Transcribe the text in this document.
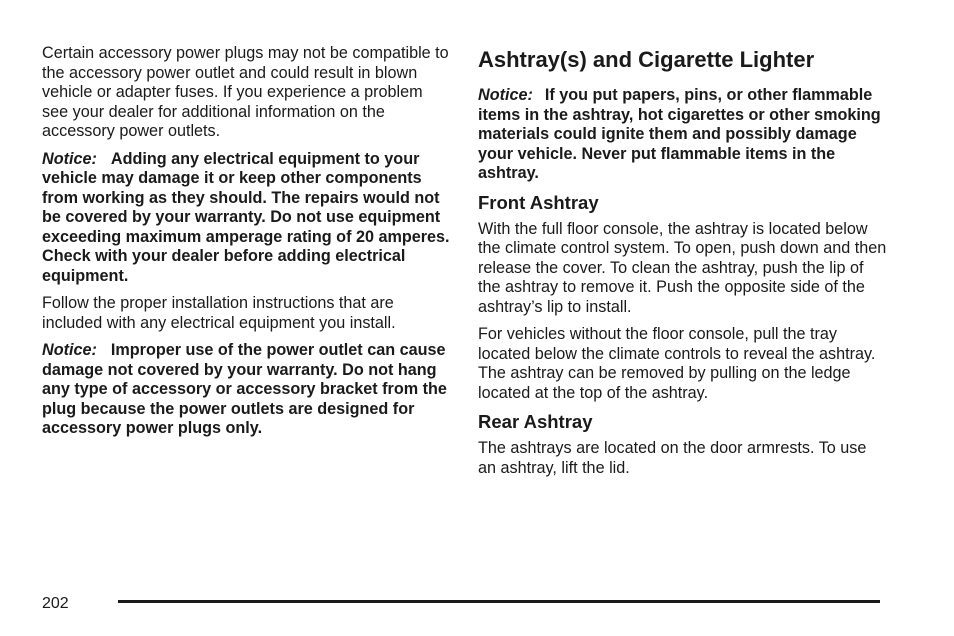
Certain accessory power plugs may not be compatible to the accessory power outlet and could result in blown vehicle or adapter fuses. If you experience a problem see your dealer for additional information on the accessory power outlets.

Notice: Adding any electrical equipment to your vehicle may damage it or keep other components from working as they should. The repairs would not be covered by your warranty. Do not use equipment exceeding maximum amperage rating of 20 amperes. Check with your dealer before adding electrical equipment.

Follow the proper installation instructions that are included with any electrical equipment you install.

Notice: Improper use of the power outlet can cause damage not covered by your warranty. Do not hang any type of accessory or accessory bracket from the plug because the power outlets are designed for accessory power plugs only.

Ashtray(s) and Cigarette Lighter

Notice: If you put papers, pins, or other flammable items in the ashtray, hot cigarettes or other smoking materials could ignite them and possibly damage your vehicle. Never put flammable items in the ashtray.

Front Ashtray

With the full floor console, the ashtray is located below the climate control system. To open, push down and then release the cover. To clean the ashtray, push the lip of the ashtray to remove it. Push the opposite side of the ashtray’s lip to install.

For vehicles without the floor console, pull the tray located below the climate controls to reveal the ashtray. The ashtray can be removed by pulling on the ledge located at the top of the ashtray.

Rear Ashtray

The ashtrays are located on the door armrests. To use an ashtray, lift the lid.

202
